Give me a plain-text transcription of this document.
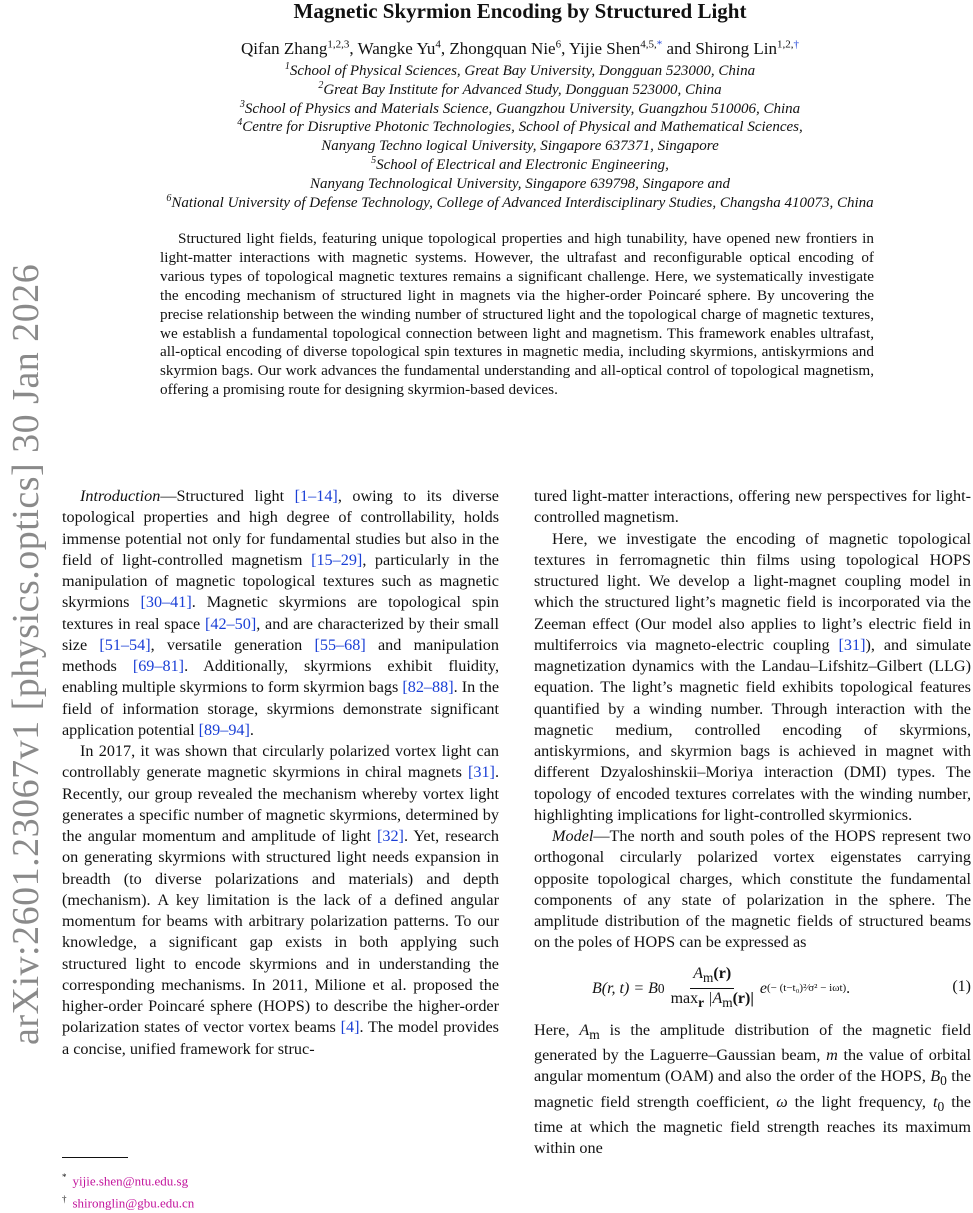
arXiv:2601.23067v1 [physics.optics] 30 Jan 2026
Magnetic Skyrmion Encoding by Structured Light
Qifan Zhang$^{1,2,3}$, Wangke Yu$^4$, Zhongquan Nie$^6$, Yijie Shen$^{4,5,*}$ and Shirong Lin$^{1,2,\dagger}$
$^1$School of Physical Sciences, Great Bay University, Dongguan 523000, China
$^2$Great Bay Institute for Advanced Study, Dongguan 523000, China
$^3$School of Physics and Materials Science, Guangzhou University, Guangzhou 510006, China
$^4$Centre for Disruptive Photonic Technologies, School of Physical and Mathematical Sciences,
Nanyang Techno logical University, Singapore 637371, Singapore
$^5$School of Electrical and Electronic Engineering,
Nanyang Technological University, Singapore 639798, Singapore and
$^6$National University of Defense Technology, College of Advanced Interdisciplinary Studies, Changsha 410073, China

Structured light fields, featuring unique topological properties and high tunability, have opened new frontiers in light-matter interactions with magnetic systems. However, the ultrafast and reconfigurable optical encoding of various types of topological magnetic textures remains a significant challenge. Here, we systematically investigate the encoding mechanism of structured light in magnets via the higher-order Poincaré sphere. By uncovering the precise relationship between the winding number of structured light and the topological charge of magnetic textures, we establish a fundamental topological connection between light and magnetism. This framework enables ultrafast, all-optical encoding of diverse topological spin textures in magnetic media, including skyrmions, antiskyrmions and skyrmion bags. Our work advances the fundamental understanding and all-optical control of topological magnetism, offering a promising route for designing skyrmion-based devices.

Introduction—Structured light [1–14], owing to its diverse topological properties and high degree of controllability, holds immense potential not only for fundamental studies but also in the field of light-controlled magnetism [15–29], particularly in the manipulation of magnetic topological textures such as magnetic skyrmions [30–41]. Magnetic skyrmions are topological spin textures in real space [42–50], and are characterized by their small size [51–54], versatile generation [55–68] and manipulation methods [69–81]. Additionally, skyrmions exhibit fluidity, enabling multiple skyrmions to form skyrmion bags [82–88]. In the field of information storage, skyrmions demonstrate significant application potential [89–94].

In 2017, it was shown that circularly polarized vortex light can controllably generate magnetic skyrmions in chiral magnets [31]. Recently, our group revealed the mechanism whereby vortex light generates a specific number of magnetic skyrmions, determined by the angular momentum and amplitude of light [32]. Yet, research on generating skyrmions with structured light needs expansion in breadth (to diverse polarizations and materials) and depth (mechanism). A key limitation is the lack of a defined angular momentum for beams with arbitrary polarization patterns. To our knowledge, a significant gap exists in both applying such structured light to encode skyrmions and in understanding the corresponding mechanisms. In 2011, Milione et al. proposed the higher-order Poincaré sphere (HOPS) to describe the higher-order polarization states of vector vortex beams [4]. The model provides a concise, unified framework for struc-

tured light-matter interactions, offering new perspectives for light-controlled magnetism.

Here, we investigate the encoding of magnetic topological textures in ferromagnetic thin films using topological HOPS structured light. We develop a light-magnet coupling model in which the structured light’s magnetic field is incorporated via the Zeeman effect (Our model also applies to light’s electric field in multiferroics via magneto-electric coupling [31]), and simulate magnetization dynamics with the Landau–Lifshitz–Gilbert (LLG) equation. The light’s magnetic field exhibits topological features quantified by a winding number. Through interaction with the magnetic medium, controlled encoding of skyrmions, antiskyrmions, and skyrmion bags is achieved in magnet with different Dzyaloshinskii–Moriya interaction (DMI) types. The topology of encoded textures correlates with the winding number, highlighting implications for light-controlled skyrmionics.

Model—The north and south poles of the HOPS represent two orthogonal circularly polarized vortex eigenstates carrying opposite topological charges, which constitute the fundamental components of any state of polarization in the sphere. The amplitude distribution of the magnetic fields of structured beams on the poles of HOPS can be expressed as

B(r, t) = B $0 \frac{A_m(r)}{\max_r |A_m(r)|}$ e (− (t−t₀)²⁄σ² − iωt) .	(1)

Here, $A_m$ is the amplitude distribution of the magnetic field generated by the Laguerre–Gaussian beam, m the value of orbital angular momentum (OAM) and also the order of the HOPS, $B_0$ the magnetic field strength coefficient, ω the light frequency, $t_0$ the time at which the magnetic field strength reaches its maximum within one

* yijie.shen@ntu.edu.sg
† shironglin@gbu.edu.cn
